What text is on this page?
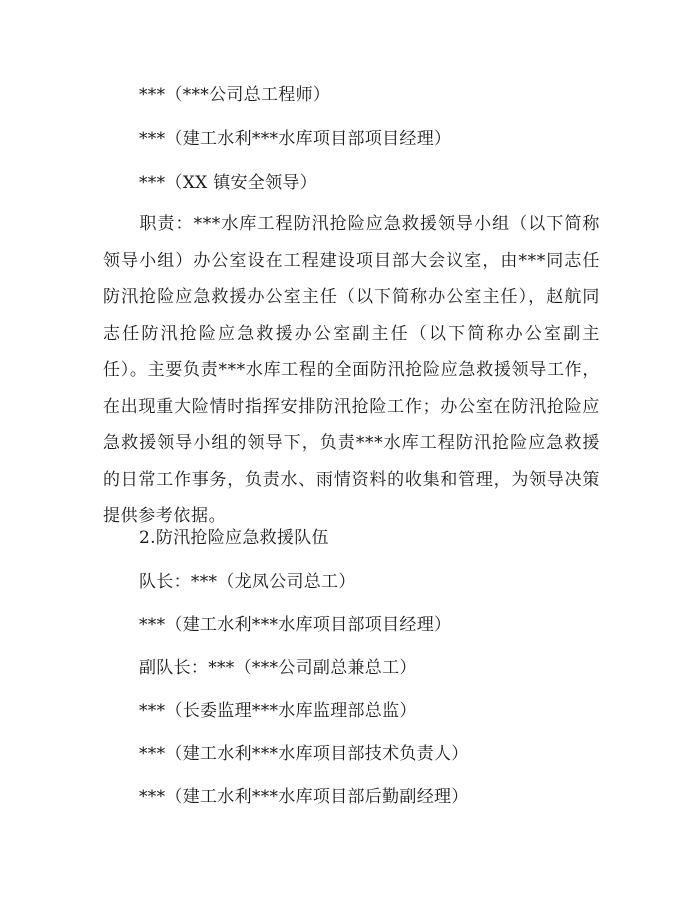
***（***公司总工程师）
***（建工水利***水库项目部项目经理）
***（XX 镇安全领导）
职责：***水库工程防汛抢险应急救援领导小组（以下简称领导小组）办公室设在工程建设项目部大会议室，由***同志任防汛抢险应急救援办公室主任（以下简称办公室主任），赵航同志任防汛抢险应急救援办公室副主任（以下简称办公室副主任）。主要负责***水库工程的全面防汛抢险应急救援领导工作，在出现重大险情时指挥安排防汛抢险工作；办公室在防汛抢险应急救援领导小组的领导下，负责***水库工程防汛抢险应急救援的日常工作事务，负责水、雨情资料的收集和管理，为领导决策提供参考依据。
2.防汛抢险应急救援队伍
队长：***（龙凤公司总工）
***（建工水利***水库项目部项目经理）
副队长：***（***公司副总兼总工）
***（长委监理***水库监理部总监）
***（建工水利***水库项目部技术负责人）
***（建工水利***水库项目部后勤副经理）
